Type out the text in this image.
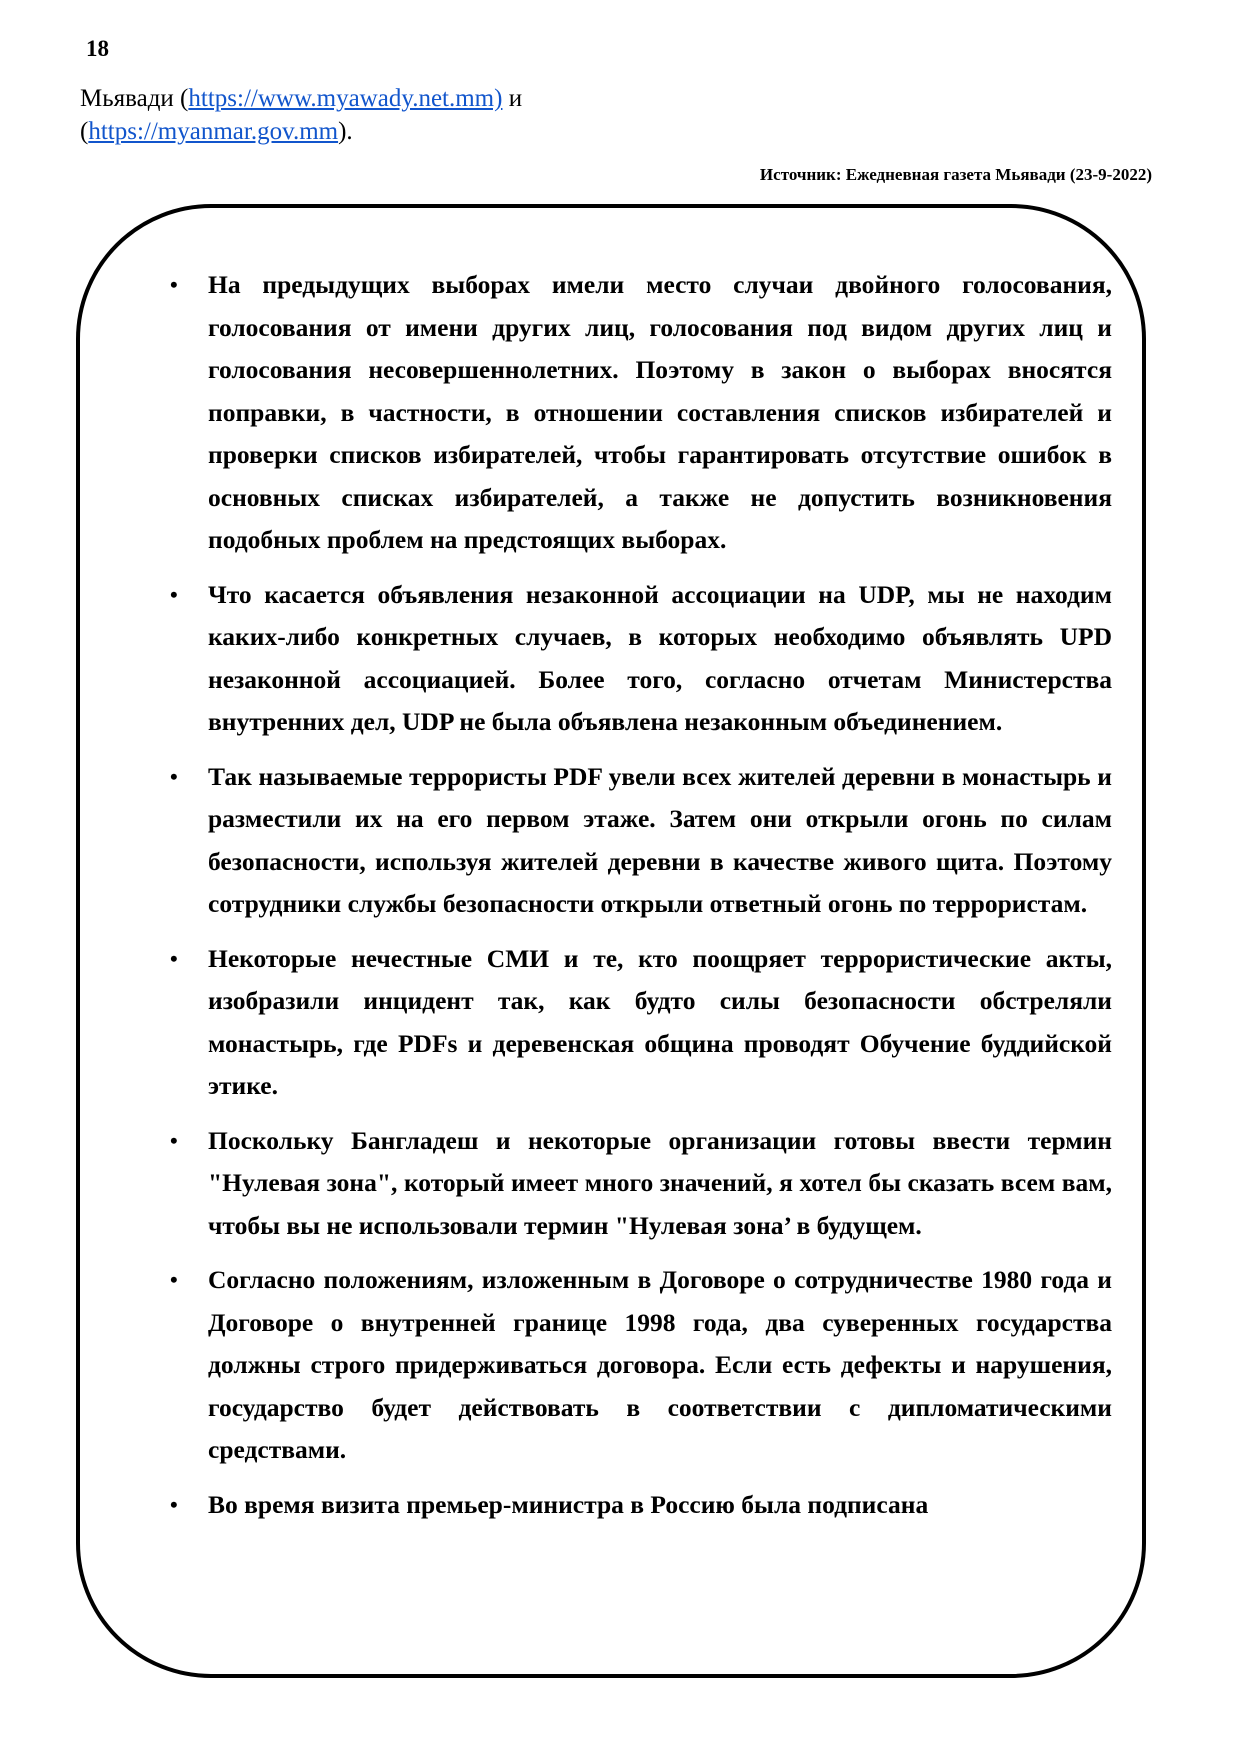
18
Мьявади (https://www.myawady.net.mm) и (https://myanmar.gov.mm).
Источник: Ежедневная газета Мьявади (23-9-2022)
• На предыдущих выборах имели место случаи двойного голосования, голосования от имени других лиц, голосования под видом других лиц и голосования несовершеннолетних. Поэтому в закон о выборах вносятся поправки, в частности, в отношении составления списков избирателей и проверки списков избирателей, чтобы гарантировать отсутствие ошибок в основных списках избирателей, а также не допустить возникновения подобных проблем на предстоящих выборах.
• Что касается объявления незаконной ассоциации на UDP, мы не находим каких-либо конкретных случаев, в которых необходимо объявлять UPD незаконной ассоциацией. Более того, согласно отчетам Министерства внутренних дел, UDP не была объявлена незаконным объединением.
• Так называемые террористы PDF увели всех жителей деревни в монастырь и разместили их на его первом этаже. Затем они открыли огонь по силам безопасности, используя жителей деревни в качестве живого щита. Поэтому сотрудники службы безопасности открыли ответный огонь по террористам.
• Некоторые нечестные СМИ и те, кто поощряет террористические акты, изобразили инцидент так, как будто силы безопасности обстреляли монастырь, где PDFs и деревенская община проводят Обучение буддийской этике.
• Поскольку Бангладеш и некоторые организации готовы ввести термин "Нулевая зона", который имеет много значений, я хотел бы сказать всем вам, чтобы вы не использовали термин "Нулевая зона’ в будущем.
• Согласно положениям, изложенным в Договоре о сотрудничестве 1980 года и Договоре о внутренней границе 1998 года, два суверенных государства должны строго придерживаться договора. Если есть дефекты и нарушения, государство будет действовать в соответствии с дипломатическими средствами.
• Во время визита премьер-министра в Россию была подписана
